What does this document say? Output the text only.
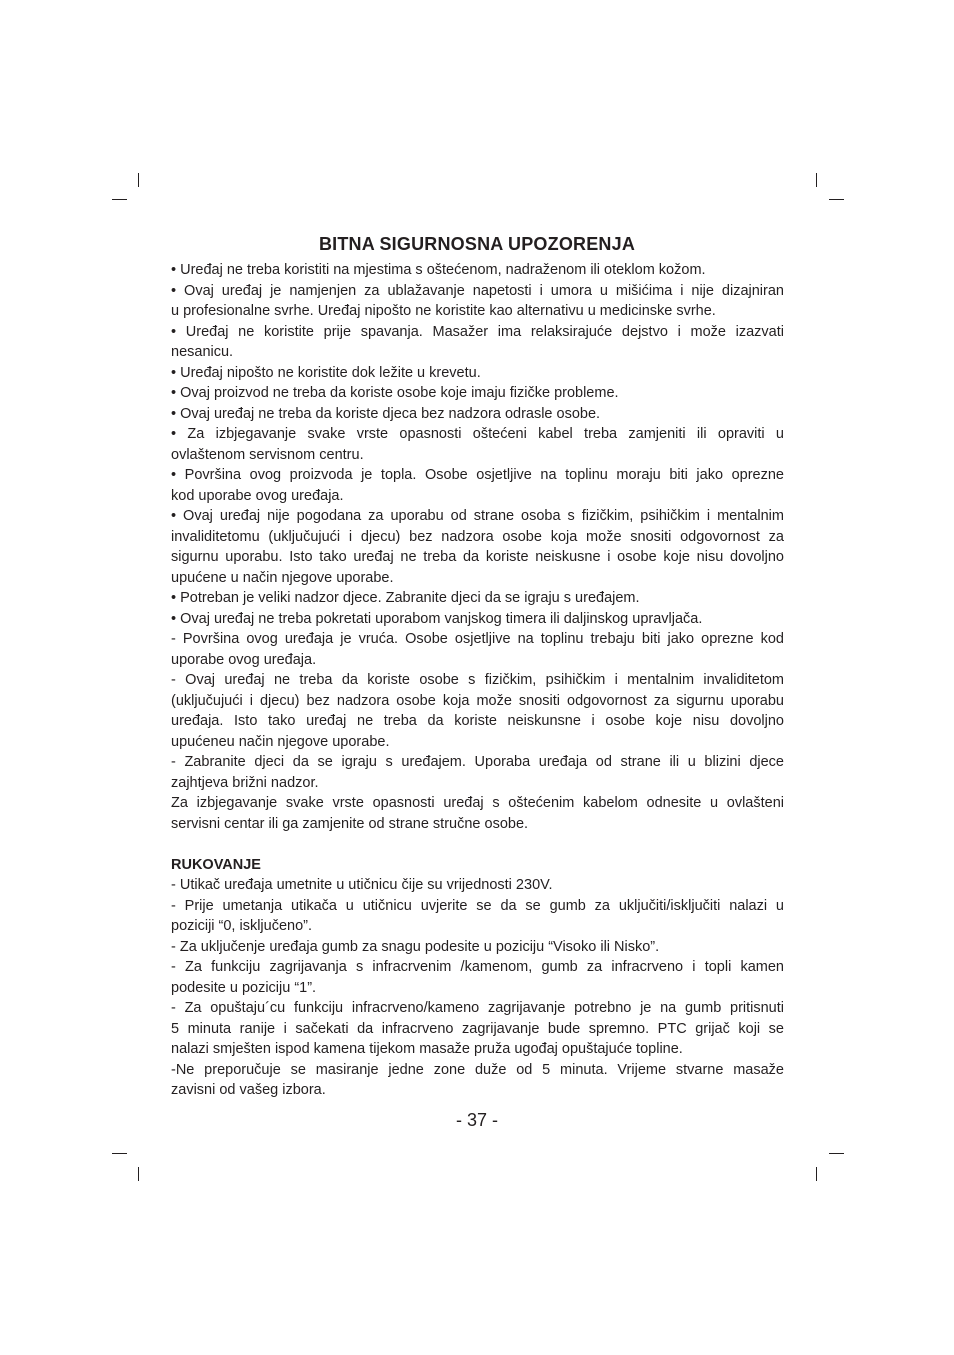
BITNA SIGURNOSNA UPOZORENJA
• Uređaj ne treba koristiti na mjestima s oštećenom, nadraženom ili oteklom kožom.
• Ovaj uređaj je namjenjen za ublažavanje napetosti i umora u mišićima i nije dizajniran
u profesionalne svrhe. Uređaj nipošto ne koristite kao alternativu u medicinske svrhe.
• Uređaj ne koristite prije spavanja. Masažer ima relaksirajuće dejstvo i može izazvati
nesanicu.
• Uređaj nipošto ne koristite dok ležite u krevetu.
• Ovaj proizvod ne treba da koriste osobe koje imaju fizičke probleme.
• Ovaj uređaj ne treba da koriste djeca bez nadzora odrasle osobe.
• Za izbjegavanje svake vrste opasnosti oštećeni kabel treba zamjeniti ili opraviti u
ovlaštenom servisnom centru.
• Površina ovog proizvoda je topla. Osobe osjetljive na toplinu moraju biti jako oprezne
kod uporabe ovog uređaja.
• Ovaj uređaj nije pogodana za uporabu od strane osoba s fizičkim, psihičkim i mentalnim
invaliditetomu (uključujući i djecu) bez nadzora osobe koja može snositi odgovornost za
sigurnu uporabu. Isto tako uređaj ne treba da koriste neiskusne i osobe koje nisu dovoljno
upućene u način njegove uporabe.
• Potreban je veliki nadzor djece. Zabranite djeci da se igraju s uređajem.
• Ovaj uređaj ne treba pokretati uporabom vanjskog timera ili daljinskog upravljača.
- Površina ovog uređaja je vruća. Osobe osjetljive na toplinu trebaju biti jako oprezne kod
uporabe ovog uređaja.
- Ovaj uređaj ne treba da koriste osobe s fizičkim, psihičkim i mentalnim invaliditetom
(uključujući i djecu) bez nadzora osobe koja može snositi odgovornost za sigurnu uporabu
uređaja. Isto tako uređaj ne treba da koriste neiskunsne i osobe koje nisu dovoljno
upućeneu način njegove uporabe.
- Zabranite djeci da se igraju s uređajem. Uporaba uređaja od strane ili u blizini djece
zajhtjeva brižni nadzor.
Za izbjegavanje svake vrste opasnosti uređaj s oštećenim kabelom odnesite u ovlašteni
servisni centar ili ga zamjenite od strane stručne osobe.
RUKOVANJE
- Utikač uređaja umetnite u utičnicu čije su vrijednosti 230V.
- Prije umetanja utikača u utičnicu uvjerite se da se gumb za uključiti/isključiti nalazi u
poziciji “0, isključeno”.
- Za uključenje uređaja gumb za snagu podesite u poziciju “Visoko ili Nisko”.
- Za funkciju zagrijavanja s infracrvenim /kamenom, gumb za infracrveno i topli kamen
podesite u poziciju “1”.
- Za opuštaju´cu funkciju infracrveno/kameno zagrijavanje potrebno je na gumb pritisnuti
5 minuta ranije i sačekati da infracrveno zagrijavanje bude spremno. PTC grijač koji se
nalazi smješten ispod kamena tijekom masaže pruža ugođaj opuštajuće topline.
-Ne preporučuje se masiranje jedne zone duže od 5 minuta. Vrijeme stvarne masaže
zavisni od vašeg izbora.
- 37 -
